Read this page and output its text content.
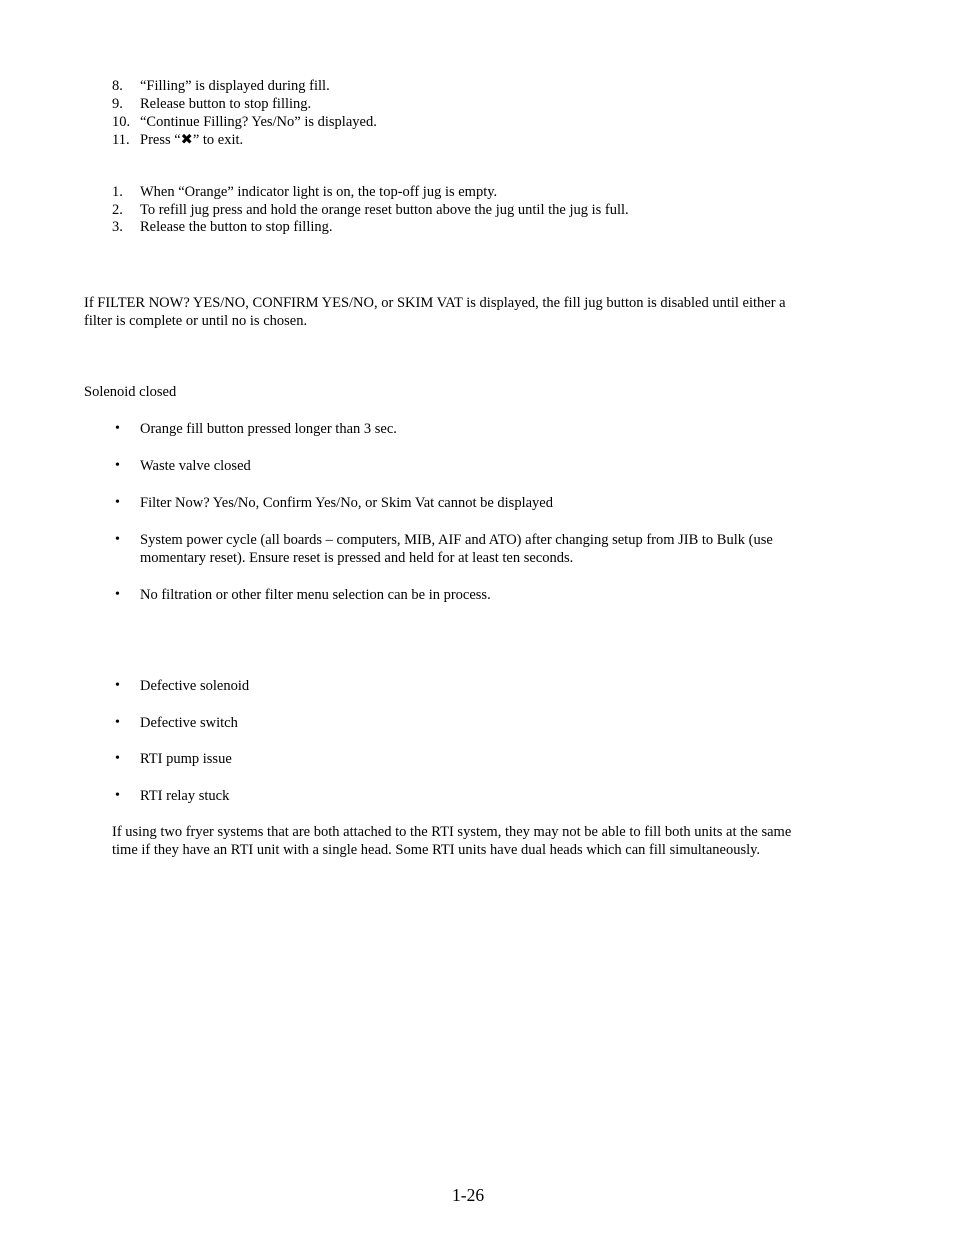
8. “Filling” is displayed during fill.
9. Release button to stop filling.
10. “Continue Filling? Yes/No” is displayed.
11. Press “✖” to exit.
1. When “Orange” indicator light is on, the top-off jug is empty.
2. To refill jug press and hold the orange reset button above the jug until the jug is full.
3. Release the button to stop filling.
If FILTER NOW? YES/NO, CONFIRM YES/NO, or SKIM VAT is displayed, the fill jug button is disabled until either a
filter is complete or until no is chosen.
Solenoid closed
• Orange fill button pressed longer than 3 sec.
• Waste valve closed
• Filter Now? Yes/No, Confirm Yes/No, or Skim Vat cannot be displayed
• System power cycle (all boards – computers, MIB, AIF and ATO) after changing setup from JIB to Bulk (use
momentary reset). Ensure reset is pressed and held for at least ten seconds.
• No filtration or other filter menu selection can be in process.
• Defective solenoid
• Defective switch
• RTI pump issue
• RTI relay stuck
If using two fryer systems that are both attached to the RTI system, they may not be able to fill both units at the same
time if they have an RTI unit with a single head. Some RTI units have dual heads which can fill simultaneously.
1-26
